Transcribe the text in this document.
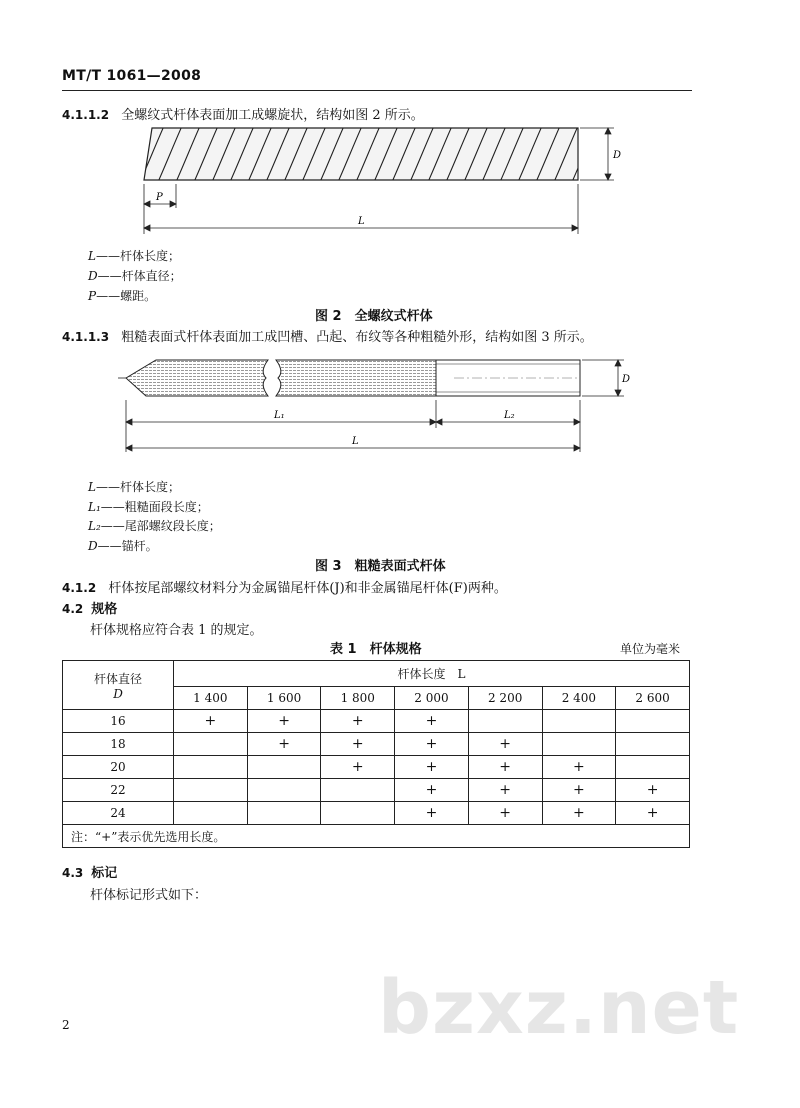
MT/T 1061—2008
4.1.1.2 全螺纹式杆体表面加工成螺旋状，结构如图 2 所示。
D
P
L
L——杆体长度；
D——杆体直径；
P——螺距。
图 2　全螺纹式杆体
4.1.1.3 粗糙表面式杆体表面加工成凹槽、凸起、布纹等各种粗糙外形，结构如图 3 所示。
D
L₁	L₂
L
L——杆体长度；
L₁——粗糙面段长度；
L₂——尾部螺纹段长度；
D——锚杆。
图 3　粗糙表面式杆体
4.1.2 杆体按尾部螺纹材料分为金属锚尾杆体(J)和非金属锚尾杆体(F)两种。
4.2 规格
杆体规格应符合表 1 的规定。
表 1　杆体规格	单位为毫米
杆体直径
D	杆体长度　L						
	1 400	1 600	1 800	2 000	2 200	2 400	2 600
16	+	+	+	+			
18		+	+	+	+		
20			+	+	+	+	
22				+	+	+	+
24				+	+	+	+
注：“+”表示优先选用长度。							
4.3 标记
杆体标记形式如下：
bzxz.net
2
